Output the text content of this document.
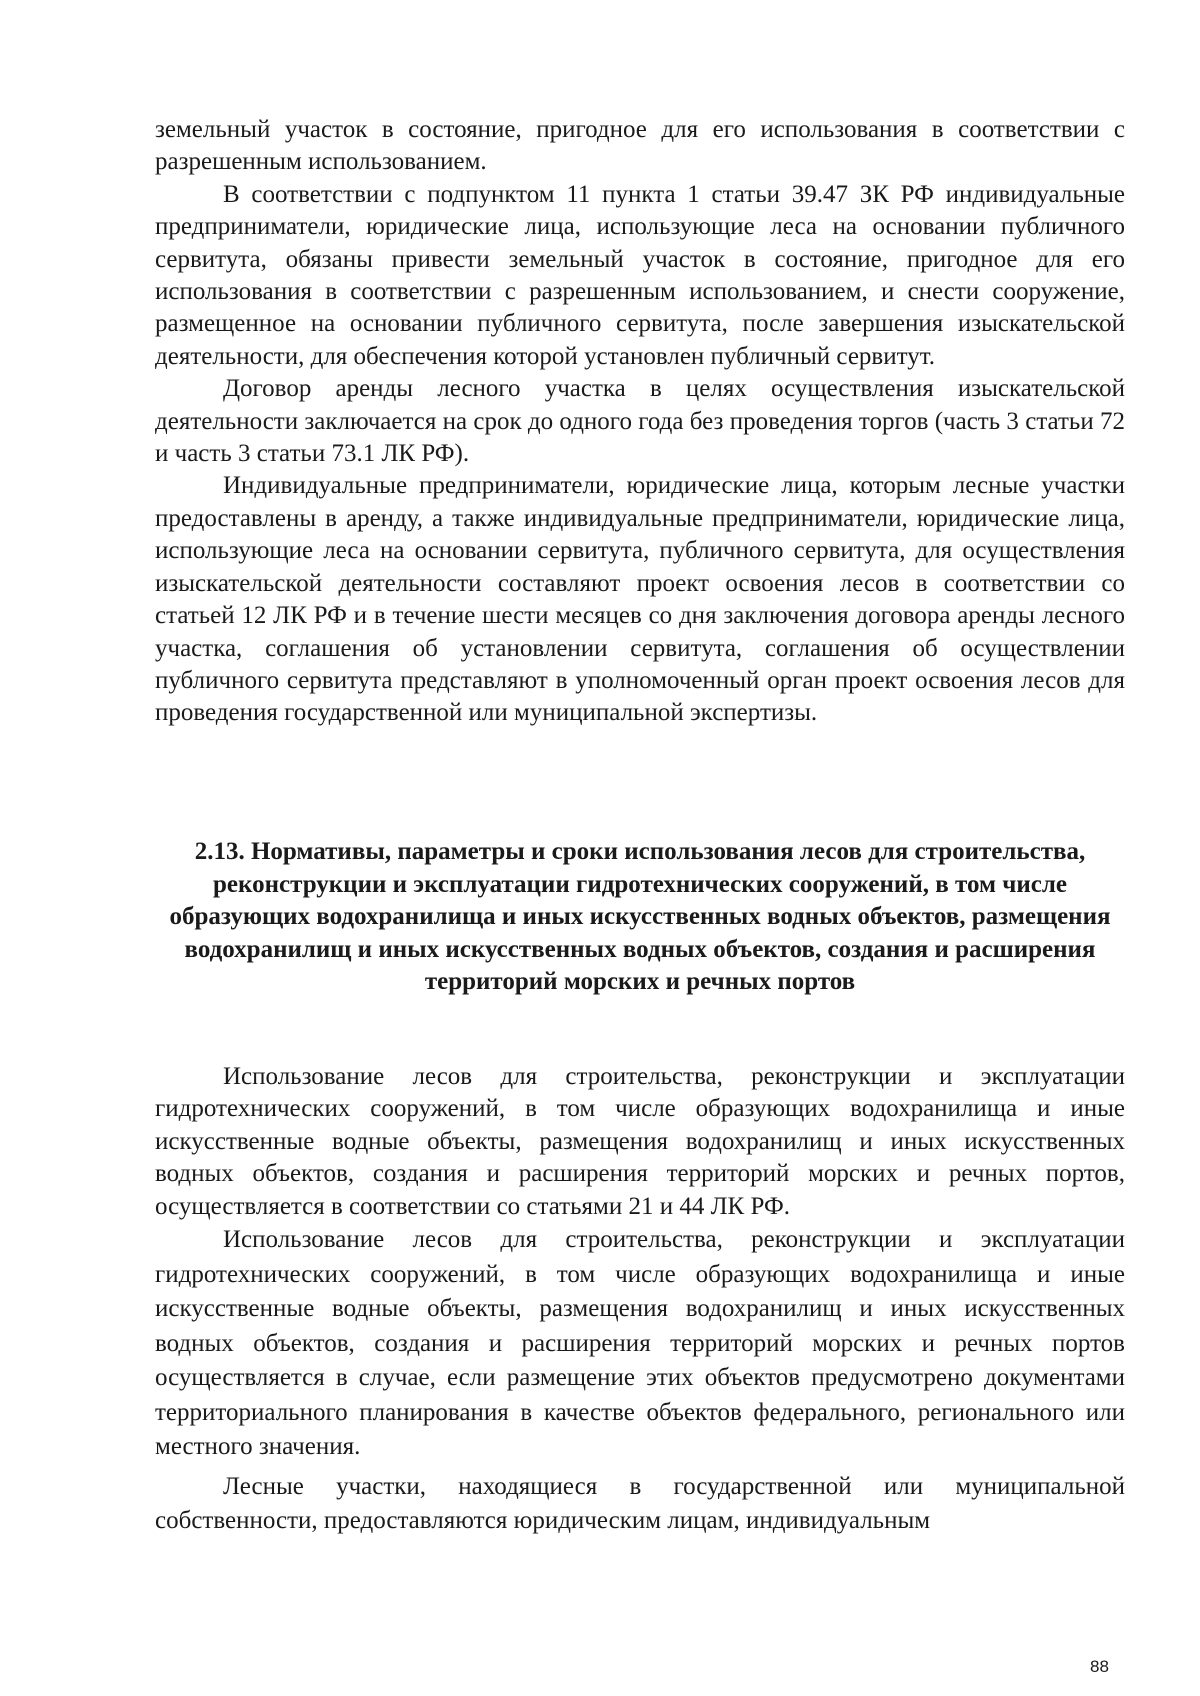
земельный участок в состояние, пригодное для его использования в соответствии с разрешенным использованием.

В соответствии с подпунктом 11 пункта 1 статьи 39.47 ЗК РФ индивидуальные предприниматели, юридические лица, использующие леса на основании публичного сервитута, обязаны привести земельный участок в состояние, пригодное для его использования в соответствии с разрешенным использованием, и снести сооружение, размещенное на основании публичного сервитута, после завершения изыскательской деятельности, для обеспечения которой установлен публичный сервитут.

Договор аренды лесного участка в целях осуществления изыскательской деятельности заключается на срок до одного года без проведения торгов (часть 3 статьи 72 и часть 3 статьи 73.1 ЛК РФ).

Индивидуальные предприниматели, юридические лица, которым лесные участки предоставлены в аренду, а также индивидуальные предприниматели, юридические лица, использующие леса на основании сервитута, публичного сервитута, для осуществления изыскательской деятельности составляют проект освоения лесов в соответствии со статьей 12 ЛК РФ и в течение шести месяцев со дня заключения договора аренды лесного участка, соглашения об установлении сервитута, соглашения об осуществлении публичного сервитута представляют в уполномоченный орган проект освоения лесов для проведения государственной или муниципальной экспертизы.

2.13. Нормативы, параметры и сроки использования лесов для строительства, реконструкции и эксплуатации гидротехнических сооружений, в том числе образующих водохранилища и иных искусственных водных объектов, размещения водохранилищ и иных искусственных водных объектов, создания и расширения территорий морских и речных портов

Использование лесов для строительства, реконструкции и эксплуатации гидротехнических сооружений, в том числе образующих водохранилища и иные искусственные водные объекты, размещения водохранилищ и иных искусственных водных объектов, создания и расширения территорий морских и речных портов, осуществляется в соответствии со статьями 21 и 44 ЛК РФ.

Использование лесов для строительства, реконструкции и эксплуатации гидротехнических сооружений, в том числе образующих водохранилища и иные искусственные водные объекты, размещения водохранилищ и иных искусственных водных объектов, создания и расширения территорий морских и речных портов осуществляется в случае, если размещение этих объектов предусмотрено документами территориального планирования в качестве объектов федерального, регионального или местного значения.

Лесные участки, находящиеся в государственной или муниципальной собственности, предоставляются юридическим лицам, индивидуальным

88
